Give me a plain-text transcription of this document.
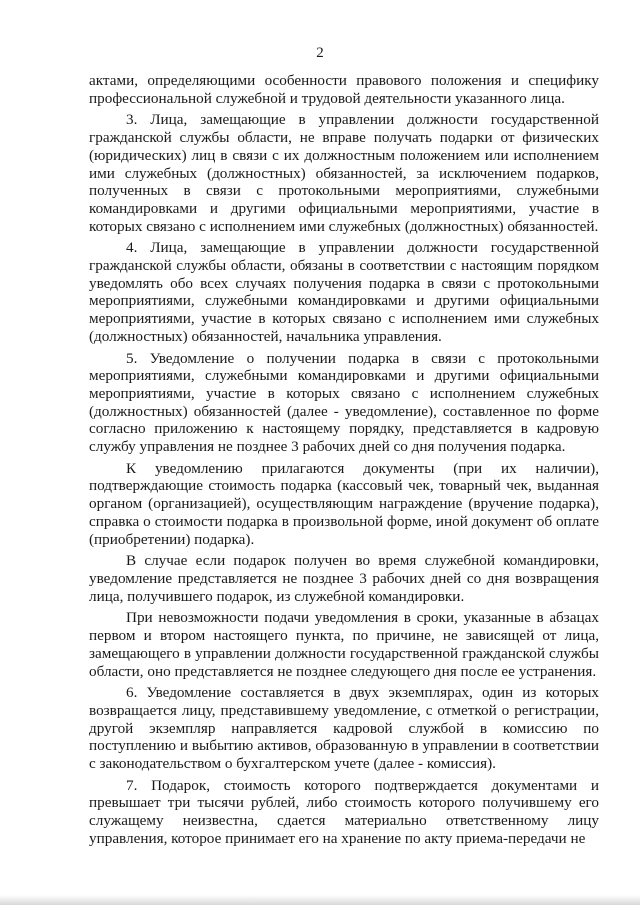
2

актами, определяющими особенности правового положения и специфику профессиональной служебной и трудовой деятельности указанного лица.

3. Лица, замещающие в управлении должности государственной гражданской службы области, не вправе получать подарки от физических (юридических) лиц в связи с их должностным положением или исполнением ими служебных (должностных) обязанностей, за исключением подарков, полученных в связи с протокольными мероприятиями, служебными командировками и другими официальными мероприятиями, участие в которых связано с исполнением ими служебных (должностных) обязанностей.

4. Лица, замещающие в управлении должности государственной гражданской службы области, обязаны в соответствии с настоящим порядком уведомлять обо всех случаях получения подарка в связи с протокольными мероприятиями, служебными командировками и другими официальными мероприятиями, участие в которых связано с исполнением ими служебных (должностных) обязанностей, начальника управления.

5. Уведомление о получении подарка в связи с протокольными мероприятиями, служебными командировками и другими официальными мероприятиями, участие в которых связано с исполнением служебных (должностных) обязанностей (далее - уведомление), составленное по форме согласно приложению к настоящему порядку, представляется в кадровую службу управления не позднее 3 рабочих дней со дня получения подарка.

К уведомлению прилагаются документы (при их наличии), подтверждающие стоимость подарка (кассовый чек, товарный чек, выданная органом (организацией), осуществляющим награждение (вручение подарка), справка о стоимости подарка в произвольной форме, иной документ об оплате (приобретении) подарка).

В случае если подарок получен во время служебной командировки, уведомление представляется не позднее 3 рабочих дней со дня возвращения лица, получившего подарок, из служебной командировки.

При невозможности подачи уведомления в сроки, указанные в абзацах первом и втором настоящего пункта, по причине, не зависящей от лица, замещающего в управлении должности государственной гражданской службы области, оно представляется не позднее следующего дня после ее устранения.

6. Уведомление составляется в двух экземплярах, один из которых возвращается лицу, представившему уведомление, с отметкой о регистрации, другой экземпляр направляется кадровой службой в комиссию по поступлению и выбытию активов, образованную в управлении в соответствии с законодательством о бухгалтерском учете (далее - комиссия).

7. Подарок, стоимость которого подтверждается документами и превышает три тысячи рублей, либо стоимость которого получившему его служащему неизвестна, сдается материально ответственному лицу управления, которое принимает его на хранение по акту приема-передачи не
